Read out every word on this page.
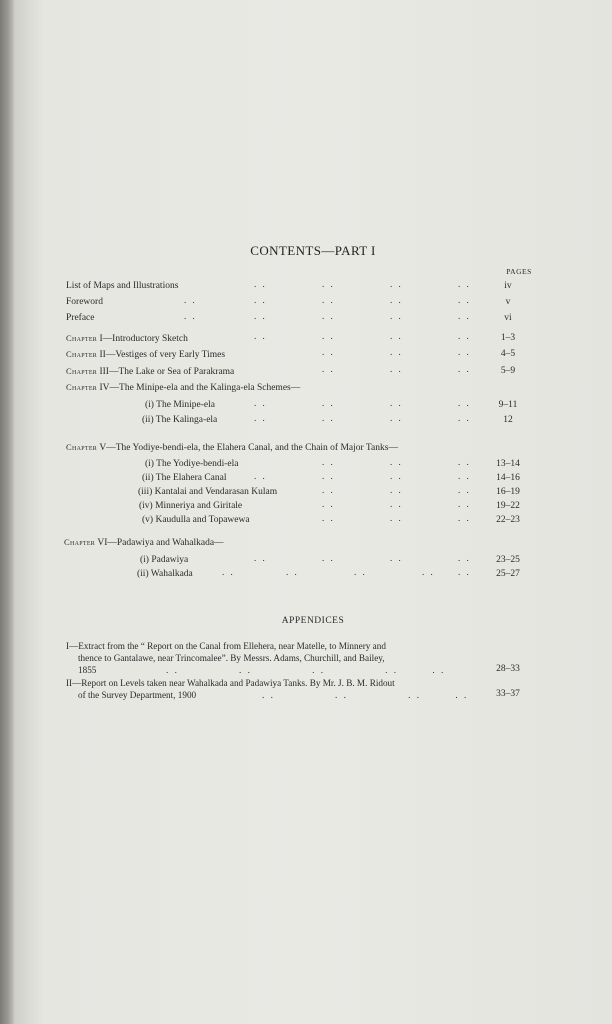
CONTENTS—PART I
PAGES
List of Maps and Illustrations	. .	. .	. .	. .	iv
Foreword	. .	. .	. .	. .	. .	v
Preface	. .	. .	. .	. .	. .	vi
Chapter I—Introductory Sketch	. .	. .	. .	. .	1–3
Chapter II—Vestiges of very Early Times	. .	. .	. .	4–5
Chapter III—The Lake or Sea of Parakrama	. .	. .	. .	5–9
Chapter IV—The Minipe-ela and the Kalinga-ela Schemes—
(i) The Minipe-ela	. .	. .	. .	. .	9–11
(ii) The Kalinga-ela	. .	. .	. .	. .	12
Chapter V—The Yodiye-bendi-ela, the Elahera Canal, and the Chain of Major Tanks—
(i) The Yodiye-bendi-ela	. .	. .	. .	13–14
(ii) The Elahera Canal	. .	. .	. .	. .	14–16
(iii) Kantalai and Vendarasan Kulam	. .	. .	. .	16–19
(iv) Minneriya and Giritale	. .	. .	. .	19–22
(v) Kaudulla and Topawewa	. .	. .	. .	22–23
Chapter VI—Padawiya and Wahalkada—
(i) Padawiya	. .	. .	. .	. .	23–25
(ii) Wahalkada	. .	. .	. .	. .	. .	25–27
APPENDICES
I—Extract from the “ Report on the Canal from Ellehera, near Matelle, to Minnery and
thence to Gantalawe, near Trincomalee”. By Messrs. Adams, Churchill, and Bailey,
1855	. .              . .              . .              . .        . .	28–33
II—Report on Levels taken near Wahalkada and Padawiya Tanks. By Mr. J. B. M. Ridout
of the Survey Department, 1900	. .              . .              . .        . .	33–37
